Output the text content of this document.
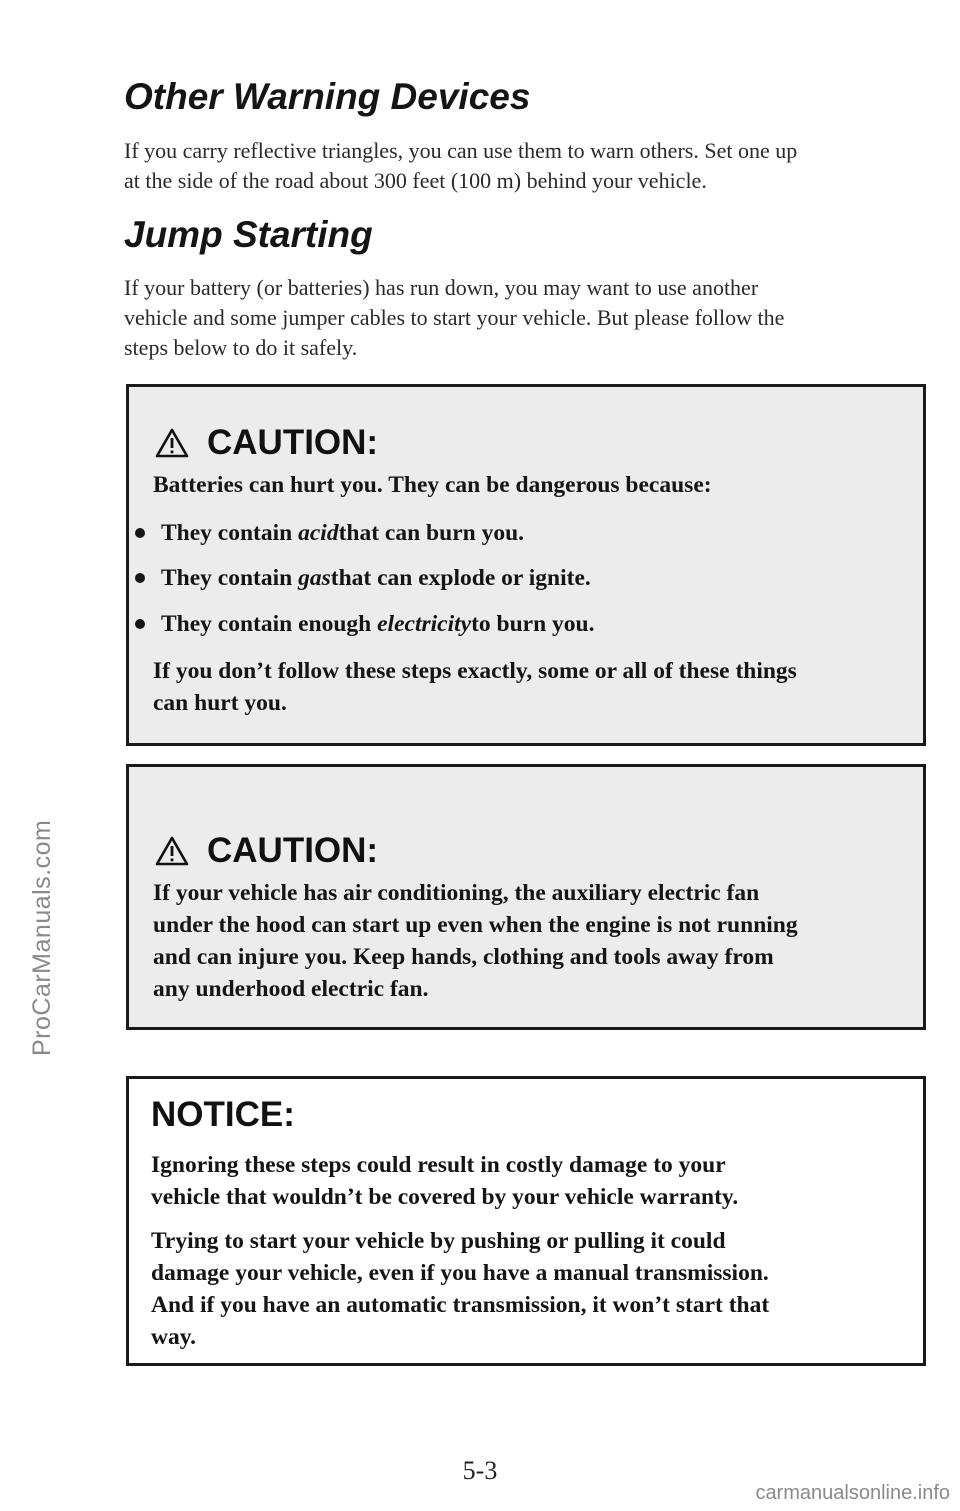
ProCarManuals.com
Other Warning Devices
If you carry reflective triangles, you can use them to warn others. Set one up
at the side of the road about 300 feet (100 m) behind your vehicle.
Jump Starting
If your battery (or batteries) has run down, you may want to use another
vehicle and some jumper cables to start your vehicle. But please follow the
steps below to do it safely.
CAUTION:
Batteries can hurt you. They can be dangerous because:
They contain
acid that can burn you.
They contain
gas that can explode or ignite.
They contain enough
electricity to burn you.
If you don’t follow these steps exactly, some or all of these things
can hurt you.
CAUTION:
If your vehicle has air conditioning, the auxiliary electric fan
under the hood can start up even when the engine is not running
and can injure you. Keep hands, clothing and tools away from
any underhood electric fan.
NOTICE:
Ignoring these steps could result in costly damage to your
vehicle that wouldn’t be covered by your vehicle warranty.
Trying to start your vehicle by pushing or pulling it could
damage your vehicle, even if you have a manual transmission.
And if you have an automatic transmission, it won’t start that
way.
5-3
carmanualsonline.info
